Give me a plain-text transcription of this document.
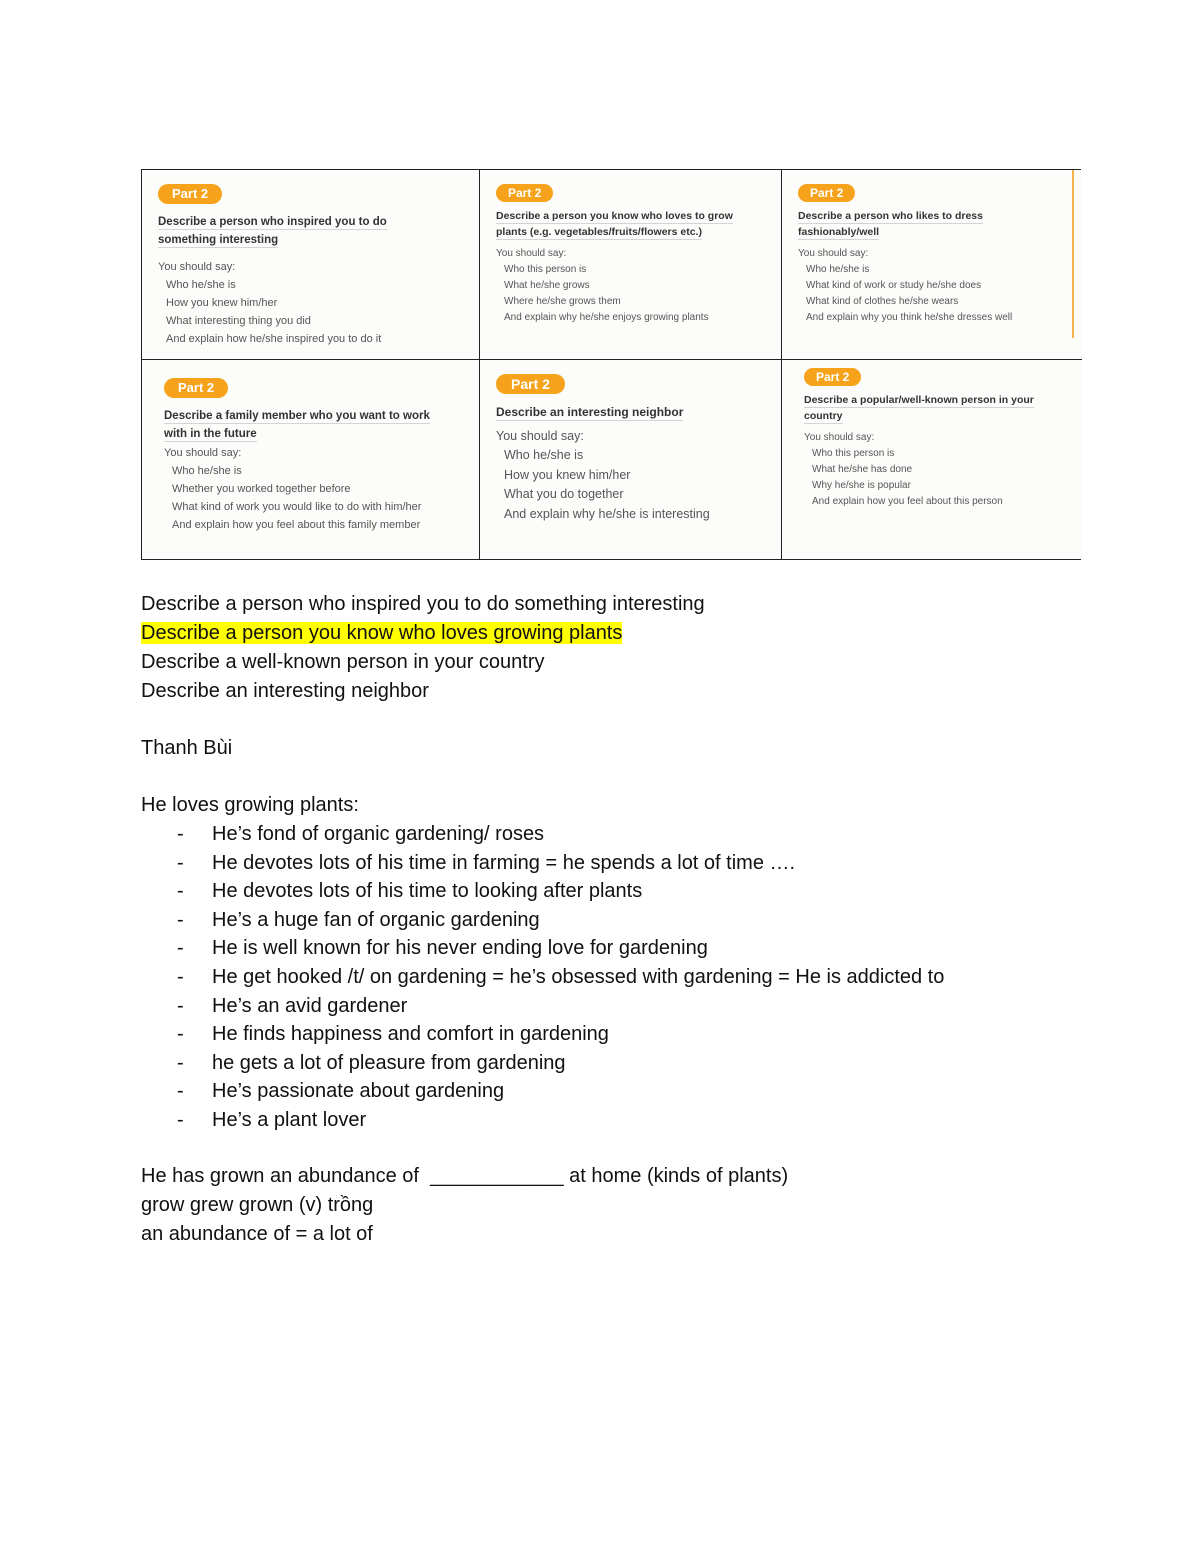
Part 2
Describe a person who inspired you to do
something interesting
You should say:
Who he/she is
How you knew him/her
What interesting thing you did
And explain how he/she inspired you to do it
Part 2
Describe a person you know who loves to grow
plants (e.g. vegetables/fruits/flowers etc.)
You should say:
Who this person is
What he/she grows
Where he/she grows them
And explain why he/she enjoys growing plants
Part 2
Describe a person who likes to dress
fashionably/well
You should say:
Who he/she is
What kind of work or study he/she does
What kind of clothes he/she wears
And explain why you think he/she dresses well
Part 2
Describe a family member who you want to work
with in the future
You should say:
Who he/she is
Whether you worked together before
What kind of work you would like to do with him/her
And explain how you feel about this family member
Part 2
Describe an interesting neighbor
You should say:
Who he/she is
How you knew him/her
What you do together
And explain why he/she is interesting
Part 2
Describe a popular/well-known person in your
country
You should say:
Who this person is
What he/she has done
Why he/she is popular
And explain how you feel about this person

Describe a person who inspired you to do something interesting

Describe a person you know who loves growing plants

Describe a well-known person in your country

Describe an interesting neighbor

Thanh Bùi

He loves growing plants:

- He’s fond of organic gardening/ roses
- He devotes lots of his time in farming = he spends a lot of time ….
- He devotes lots of his time to looking after plants
- He’s a huge fan of organic gardening
- He is well known for his never ending love for gardening
- He get hooked /t/ on gardening = he’s obsessed with gardening = He is addicted to
- He’s an avid gardener
- He finds happiness and comfort in gardening
- he gets a lot of pleasure from gardening
- He’s passionate about gardening
- He’s a plant lover

He has grown an abundance of  ____________ at home (kinds of plants)

grow grew grown (v) trồng

an abundance of = a lot of
